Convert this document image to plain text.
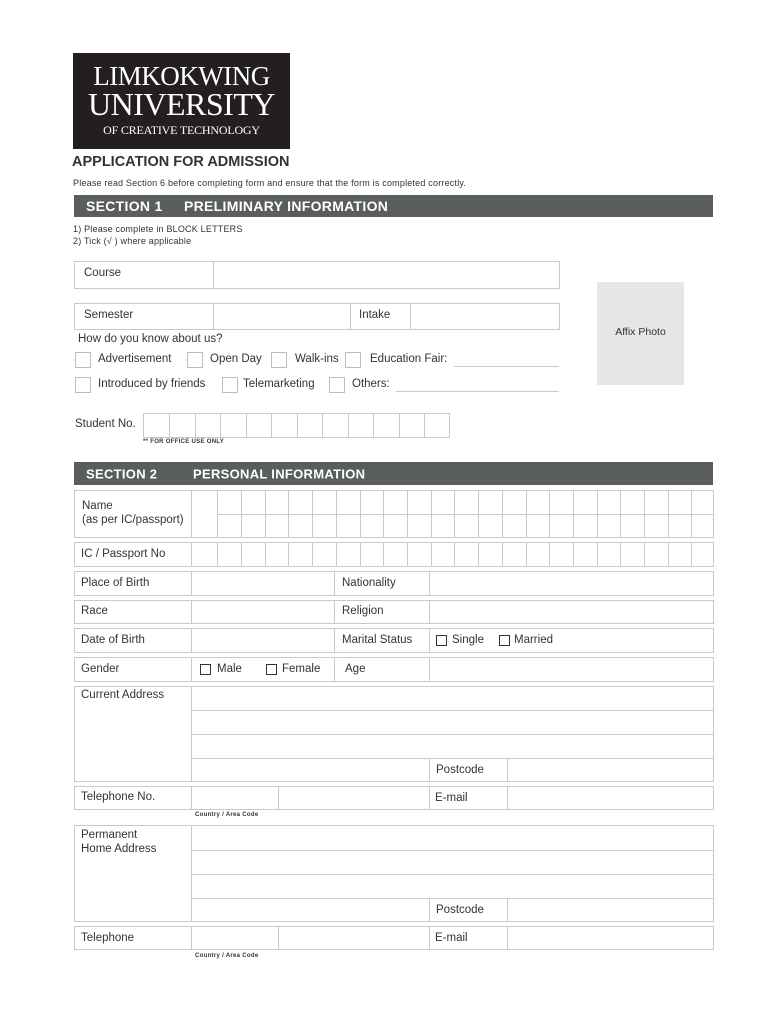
LIMKOKWING
UNIVERSITY
OF CREATIVE TECHNOLOGY
APPLICATION FOR ADMISSION
Please read Section 6 before completing form and ensure that the form is completed correctly.
SECTION 1 PRELIMINARY INFORMATION
1) Please complete in BLOCK LETTERS
2) Tick (√ ) where applicable
Course
Semester	Intake
Affix Photo
How do you know about us?
Advertisement	Open Day	Walk-ins	Education Fair:
Introduced by friends	Telemarketing	Others:
Student No.
** FOR OFFICE USE ONLY
SECTION 2	PERSONAL INFORMATION
Name
(as per IC/passport)
IC / Passport No
Place of Birth	Nationality
Race	Religion
Date of Birth	Marital Status	Single	Married
Gender	Male	Female Age
Current Address
Postcode
Telephone No.	E-mail
Country / Area Code
Permanent
Home Address
Postcode
Telephone	E-mail
Country / Area Code
